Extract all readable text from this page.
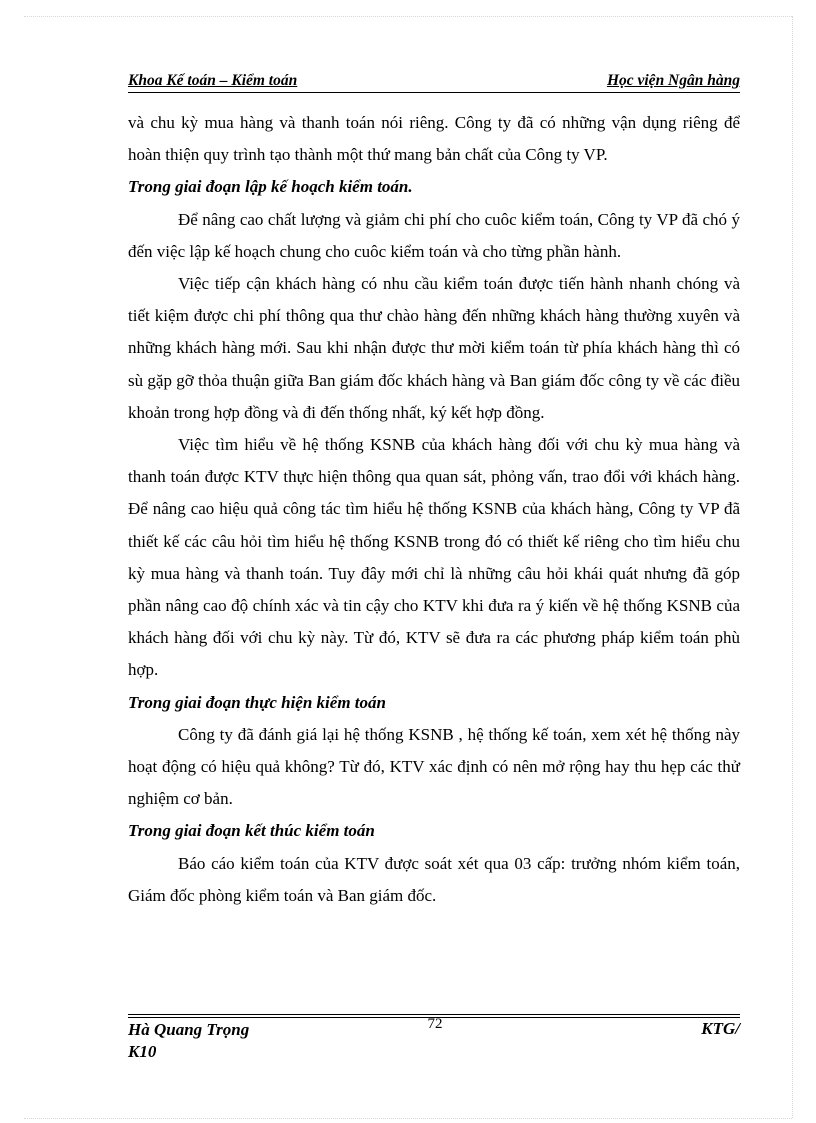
Khoa Kế toán – Kiểm toán	Học viện Ngân hàng

và chu kỳ mua hàng và thanh toán nói riêng. Công ty đã có những vận dụng riêng để hoàn thiện quy trình tạo thành một thứ mang bản chất của Công ty VP.

Trong giai đoạn lập kế hoạch kiểm toán.

Để nâng cao chất lượng và giảm chi phí cho cuôc kiểm toán, Công ty VP đã chó ý đến việc lập kế hoạch chung cho cuôc kiểm toán và cho từng phần hành.

Việc tiếp cận khách hàng có nhu cầu kiểm toán được tiến hành nhanh chóng và tiết kiệm được chi phí thông qua thư chào hàng đến những khách hàng thường xuyên và những khách hàng mới. Sau khi nhận được thư mời kiểm toán từ phía khách hàng thì có sù gặp gỡ thỏa thuận giữa Ban giám đốc khách hàng và Ban giám đốc công ty về các điều khoản trong hợp đồng và đi đến thống nhất, ký kết hợp đồng.

Việc tìm hiểu về hệ thống KSNB của khách hàng đối với chu kỳ mua hàng và thanh toán được KTV thực hiện thông qua quan sát, phỏng vấn, trao đổi với khách hàng. Để nâng cao hiệu quả công tác tìm hiểu hệ thống KSNB của khách hàng, Công ty VP đã thiết kế các câu hỏi tìm hiểu hệ thống KSNB trong đó có thiết kế riêng cho tìm hiểu chu kỳ mua hàng và thanh toán. Tuy đây mới chỉ là những câu hỏi khái quát nhưng đã góp phần nâng cao độ chính xác và tin cậy cho KTV khi đưa ra ý kiến về hệ thống KSNB của khách hàng đối với chu kỳ này. Từ đó, KTV sẽ đưa ra các phương pháp kiểm toán phù hợp.

Trong giai đoạn thực hiện kiểm toán

Công ty đã đánh giá lại hệ thống KSNB , hệ thống kế toán, xem xét hệ thống này hoạt động có hiệu quả không? Từ đó, KTV xác định có nên mở rộng hay thu hẹp các thử nghiệm cơ bản.

Trong giai đoạn kết thúc kiểm toán

Báo cáo kiểm toán của KTV được soát xét qua 03 cấp: trưởng nhóm kiểm toán, Giám đốc phòng kiểm toán và Ban giám đốc.

Hà Quang Trọng
K10
72	KTG/
